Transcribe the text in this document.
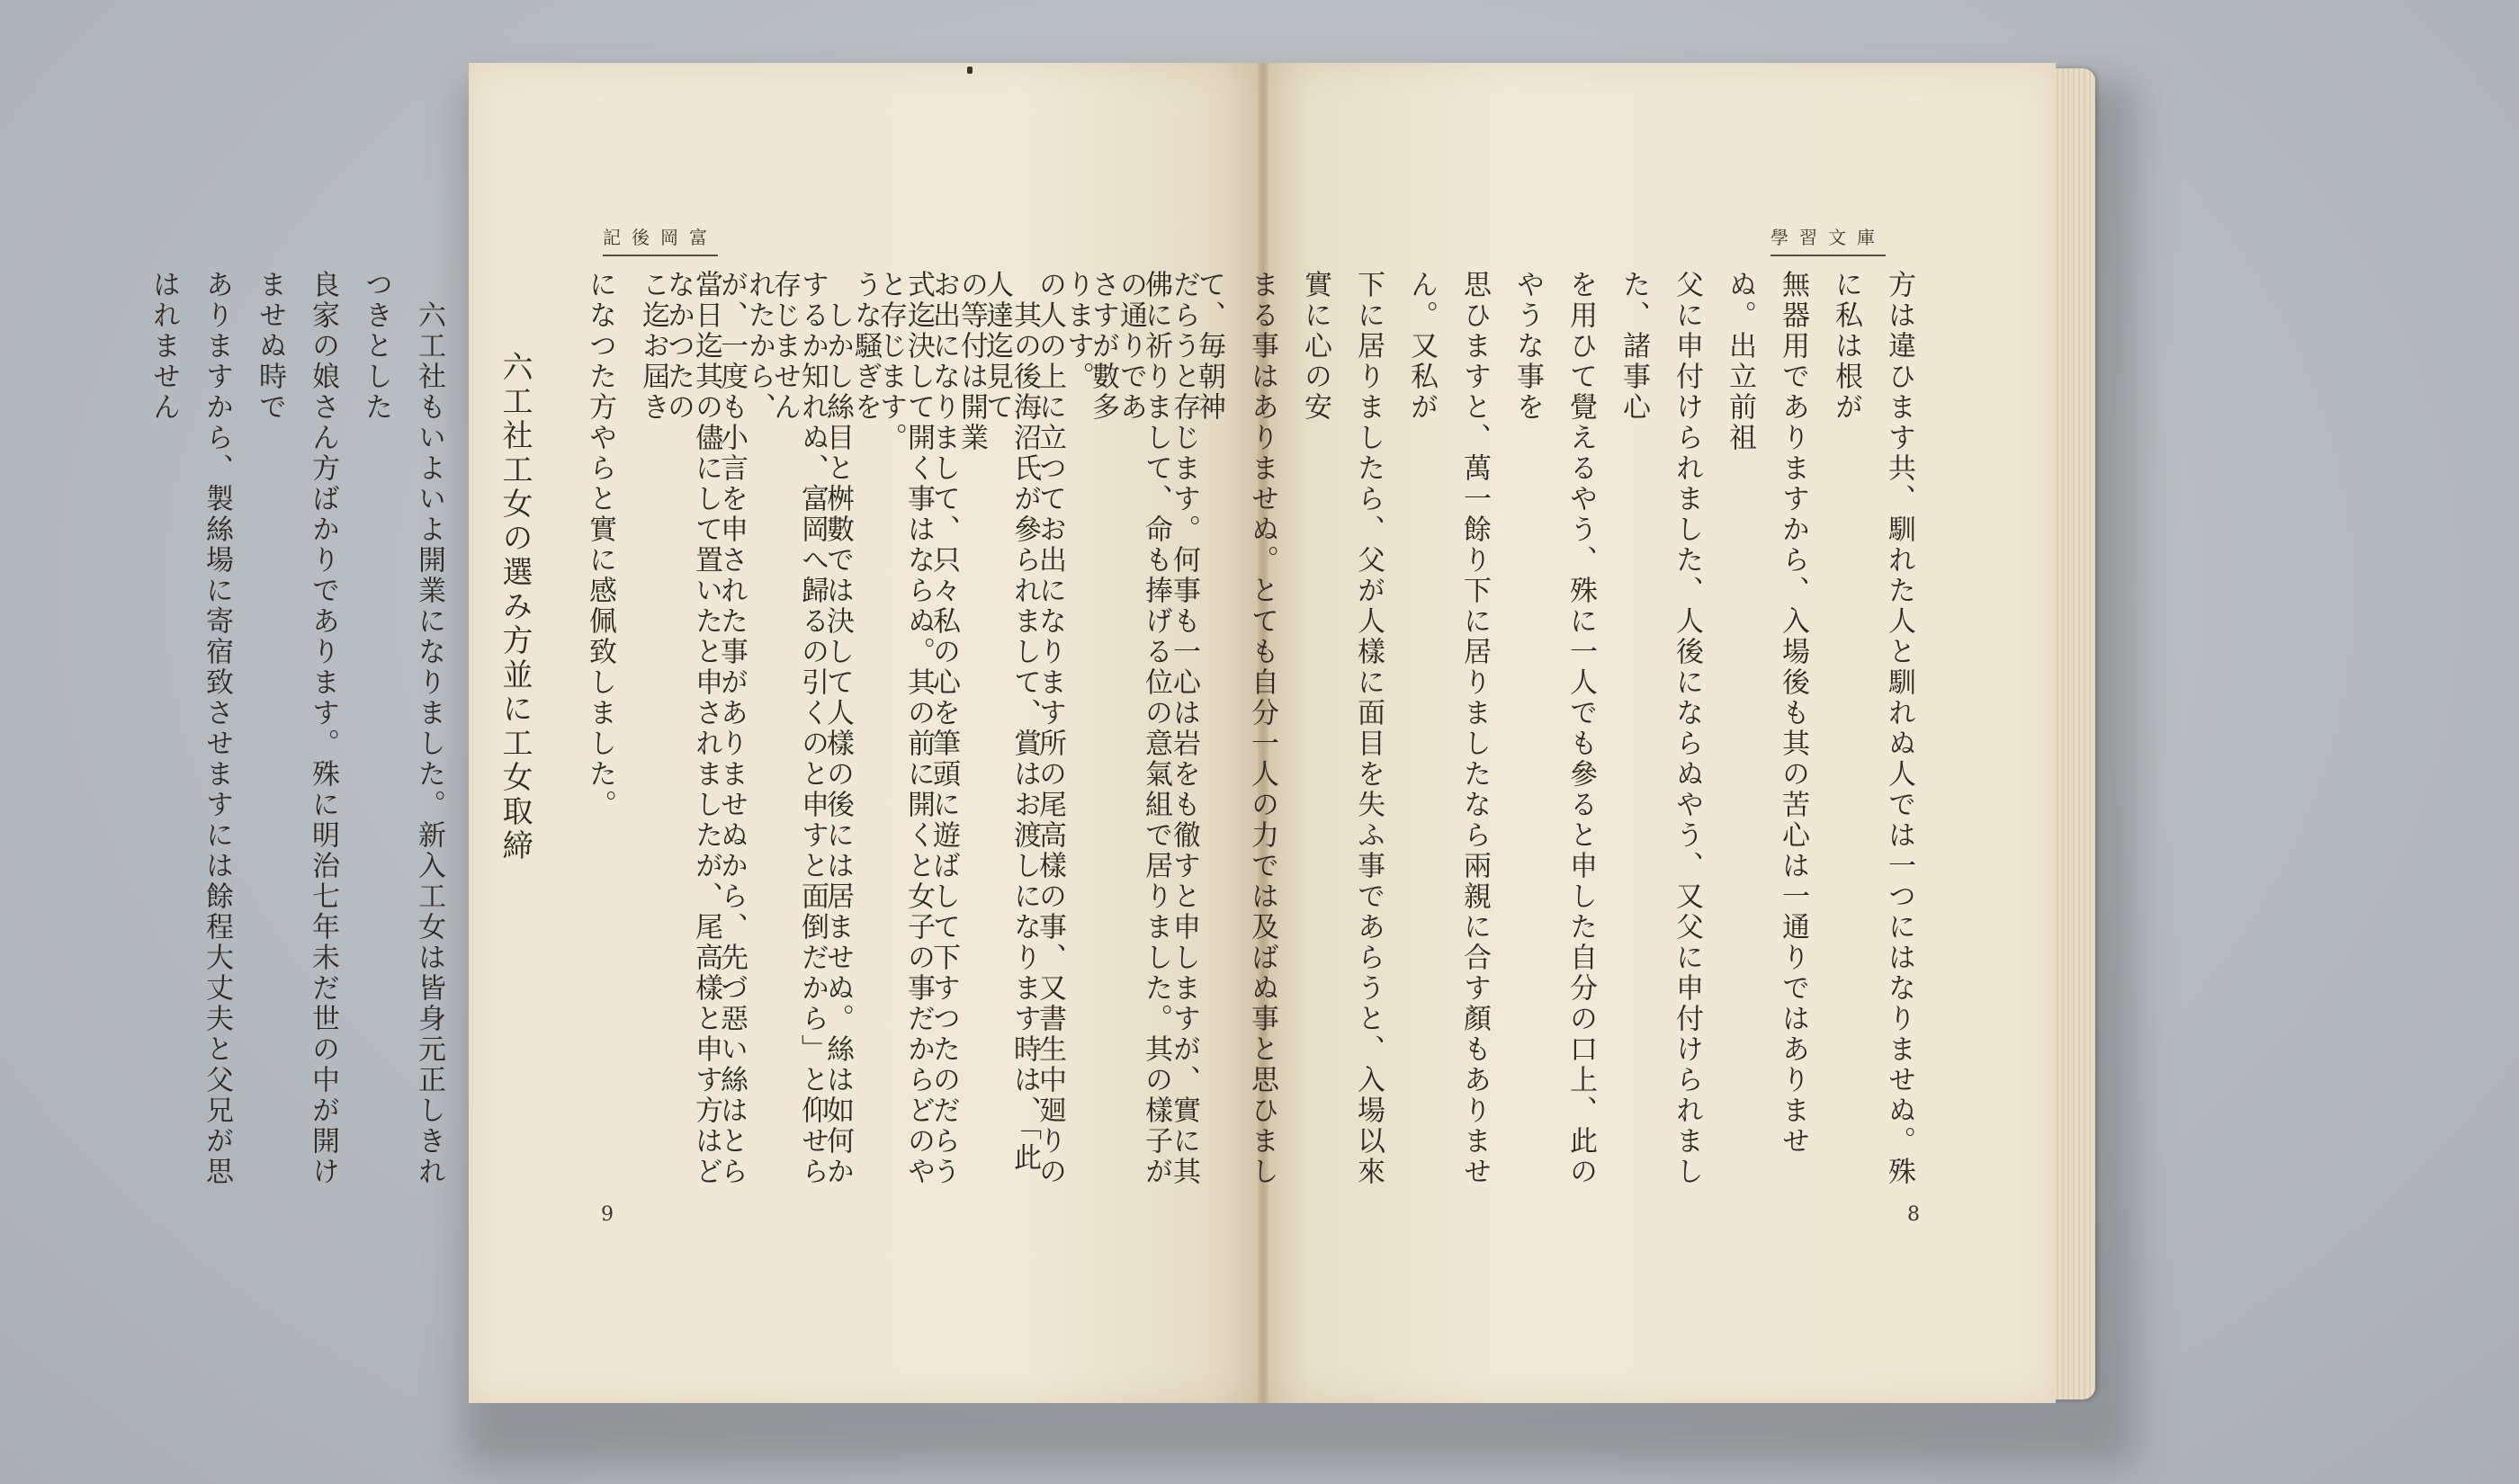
記後岡富	學習文庫

方は違ひます共、馴れた人と馴れぬ人では一つにはなりませぬ。殊に私は根が

無器用でありますから、入場後も其の苦心は一通りではありませぬ。出立前祖

父に申付けられました、人後にならぬやう、又父に申付けられました、諸事心

を用ひて覺えるやう、殊に一人でも參ると申した自分の口上、此のやうな事を

思ひますと、萬一餘り下に居りましたなら兩親に合す顏もありません。又私が

下に居りましたら、父が人樣に面目を失ふ事であらうと、入場以來實に心の安

まる事はありませぬ。とても自分一人の力では及ばぬ事と思ひまして、毎朝神

佛に祈りまして、命も捧げる位の意氣組で居りました。其の樣子がさすが數多

の人の上に立つてお出になります所の尾高樣の事、又書生中廻りの人達迄見て

お出になりまして、只々私の心を筆頭に遊ばして下すつたのだらうと存じます。

　しかし絲目と桝數では決して人樣の後には居ませぬ。絲は如何か存じません

が、一度も小言を申された事がありませぬから、先づ惡い絲はとらなかつたの	だらうと存じます。何事も一心は岩をも徹すと申しますが、實に其の通りであ

ります。

　其の後海沼氏が參られまして、賞はお渡しになります時は、「此の等付は開業

式迄決して開く事はならぬ。其の前に開くと女子の事だからどのやうな騒ぎを

するか知れぬ、富岡へ歸るの引くのと申すと面倒だから」と仰せられたから、

當日迄其の儘にして置いたと申されましたが、尾高樣と申す方はどこ迄お屆き

になつた方やらと實に感佩致しました。

六工社工女の選み方並に工女取締

　六工社もいよいよ開業になりました。新入工女は皆身元正しきれつきとした

良家の娘さん方ばかりであります。殊に明治七年未だ世の中が開けませぬ時で

ありますから、製絲場に寄宿致させますには餘程大丈夫と父兄が思はれません

9	8
